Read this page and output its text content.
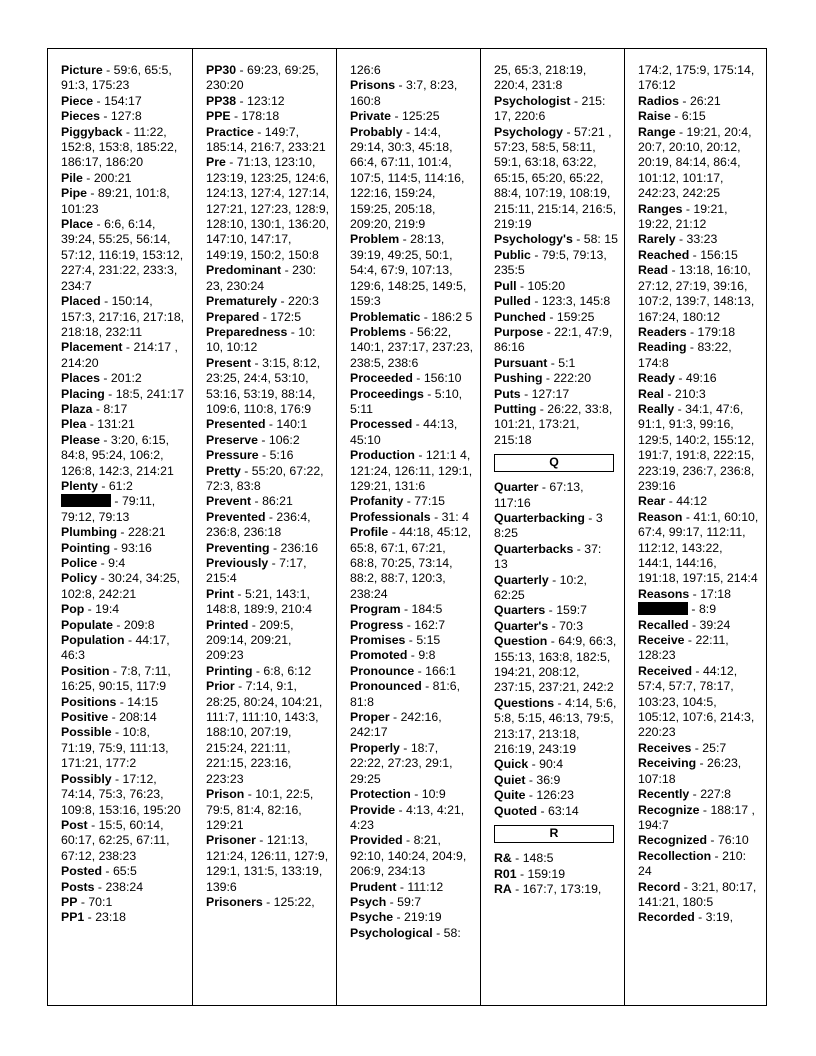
Picture - 59:6, 65:5, 91:3, 175:23
Piece - 154:17
Pieces - 127:8
Piggyback - 11:22, 152:8, 153:8, 185:22, 186:17, 186:20
Pile - 200:21
Pipe - 89:21, 101:8, 101:23
Place - 6:6, 6:14, 39:24, 55:25, 56:14, 57:12, 116:19, 153:12, 227:4, 231:22, 233:3, 234:7
Placed - 150:14, 157:3, 217:16, 217:18, 218:18, 232:11
Placement - 214:17 , 214:20
Places - 201:2
Placing - 18:5, 241:17
Plaza - 8:17
Plea - 131:21
Please - 3:20, 6:15, 84:8, 95:24, 106:2, 126:8, 142:3, 214:21
Plenty - 61:2
- 79:11, 79:12, 79:13
Plumbing - 228:21
Pointing - 93:16
Police - 9:4
Policy - 30:24, 34:25, 102:8, 242:21
Pop - 19:4
Populate - 209:8
Population - 44:17, 46:3
Position - 7:8, 7:11, 16:25, 90:15, 117:9
Positions - 14:15
Positive - 208:14
Possible - 10:8, 71:19, 75:9, 111:13, 171:21, 177:2
Possibly - 17:12, 74:14, 75:3, 76:23, 109:8, 153:16, 195:20
Post - 15:5, 60:14, 60:17, 62:25, 67:11, 67:12, 238:23
Posted - 65:5
Posts - 238:24
PP - 70:1
PP1 - 23:18
PP30 - 69:23, 69:25, 230:20
PP38 - 123:12
PPE - 178:18
Practice - 149:7, 185:14, 216:7, 233:21
Pre - 71:13, 123:10, 123:19, 123:25, 124:6, 124:13, 127:4, 127:14, 127:21, 127:23, 128:9, 128:10, 130:1, 136:20, 147:10, 147:17, 149:19, 150:2, 150:8
Predominant - 230: 23, 230:24
Prematurely - 220:3
Prepared - 172:5
Preparedness - 10: 10, 10:12
Present - 3:15, 8:12, 23:25, 24:4, 53:10, 53:16, 53:19, 88:14, 109:6, 110:8, 176:9
Presented - 140:1
Preserve - 106:2
Pressure - 5:16
Pretty - 55:20, 67:22, 72:3, 83:8
Prevent - 86:21
Prevented - 236:4, 236:8, 236:18
Preventing - 236:16
Previously - 7:17, 215:4
Print - 5:21, 143:1, 148:8, 189:9, 210:4
Printed - 209:5, 209:14, 209:21, 209:23
Printing - 6:8, 6:12
Prior - 7:14, 9:1, 28:25, 80:24, 104:21, 111:7, 111:10, 143:3, 188:10, 207:19, 215:24, 221:11, 221:15, 223:16, 223:23
Prison - 10:1, 22:5, 79:5, 81:4, 82:16, 129:21
Prisoner - 121:13, 121:24, 126:11, 127:9, 129:1, 131:5, 133:19, 139:6
Prisoners - 125:22,
126:6
Prisons - 3:7, 8:23, 160:8
Private - 125:25
Probably - 14:4, 29:14, 30:3, 45:18, 66:4, 67:11, 101:4, 107:5, 114:5, 114:16, 122:16, 159:24, 159:25, 205:18, 209:20, 219:9
Problem - 28:13, 39:19, 49:25, 50:1, 54:4, 67:9, 107:13, 129:6, 148:25, 149:5, 159:3
Problematic - 186:2 5
Problems - 56:22, 140:1, 237:17, 237:23, 238:5, 238:6
Proceeded - 156:10
Proceedings - 5:10, 5:11
Processed - 44:13, 45:10
Production - 121:1 4, 121:24, 126:11, 129:1, 129:21, 131:6
Profanity - 77:15
Professionals - 31: 4
Profile - 44:18, 45:12, 65:8, 67:1, 67:21, 68:8, 70:25, 73:14, 88:2, 88:7, 120:3, 238:24
Program - 184:5
Progress - 162:7
Promises - 5:15
Promoted - 9:8
Pronounce - 166:1
Pronounced - 81:6, 81:8
Proper - 242:16, 242:17
Properly - 18:7, 22:22, 27:23, 29:1, 29:25
Protection - 10:9
Provide - 4:13, 4:21, 4:23
Provided - 8:21, 92:10, 140:24, 204:9, 206:9, 234:13
Prudent - 111:12
Psych - 59:7
Psyche - 219:19
Psychological - 58:
25, 65:3, 218:19, 220:4, 231:8
Psychologist - 215: 17, 220:6
Psychology - 57:21 , 57:23, 58:5, 58:11, 59:1, 63:18, 63:22, 65:15, 65:20, 65:22, 88:4, 107:19, 108:19, 215:11, 215:14, 216:5, 219:19
Psychology's - 58: 15
Public - 79:5, 79:13, 235:5
Pull - 105:20
Pulled - 123:3, 145:8
Punched - 159:25
Purpose - 22:1, 47:9, 86:16
Pursuant - 5:1
Pushing - 222:20
Puts - 127:17
Putting - 26:22, 33:8, 101:21, 173:21, 215:18
Q
Quarter - 67:13, 117:16
Quarterbacking - 3 8:25
Quarterbacks - 37: 13
Quarterly - 10:2, 62:25
Quarters - 159:7
Quarter's - 70:3
Question - 64:9, 66:3, 155:13, 163:8, 182:5, 194:21, 208:12, 237:15, 237:21, 242:2
Questions - 4:14, 5:6, 5:8, 5:15, 46:13, 79:5, 213:17, 213:18, 216:19, 243:19
Quick - 90:4
Quiet - 36:9
Quite - 126:23
Quoted - 63:14
R
R& - 148:5
R01 - 159:19
RA - 167:7, 173:19,
174:2, 175:9, 175:14, 176:12
Radios - 26:21
Raise - 6:15
Range - 19:21, 20:4, 20:7, 20:10, 20:12, 20:19, 84:14, 86:4, 101:12, 101:17, 242:23, 242:25
Ranges - 19:21, 19:22, 21:12
Rarely - 33:23
Reached - 156:15
Read - 13:18, 16:10, 27:12, 27:19, 39:16, 107:2, 139:7, 148:13, 167:24, 180:12
Readers - 179:18
Reading - 83:22, 174:8
Ready - 49:16
Real - 210:3
Really - 34:1, 47:6, 91:1, 91:3, 99:16, 129:5, 140:2, 155:12, 191:7, 191:8, 222:15, 223:19, 236:7, 236:8, 239:16
Rear - 44:12
Reason - 41:1, 60:10, 67:4, 99:17, 112:11, 112:12, 143:22, 144:1, 144:16, 191:18, 197:15, 214:4
Reasons - 17:18
- 8:9
Recalled - 39:24
Receive - 22:11, 128:23
Received - 44:12, 57:4, 57:7, 78:17, 103:23, 104:5, 105:12, 107:6, 214:3, 220:23
Receives - 25:7
Receiving - 26:23, 107:18
Recently - 227:8
Recognize - 188:17 , 194:7
Recognized - 76:10
Recollection - 210: 24
Record - 3:21, 80:17, 141:21, 180:5
Recorded - 3:19,
